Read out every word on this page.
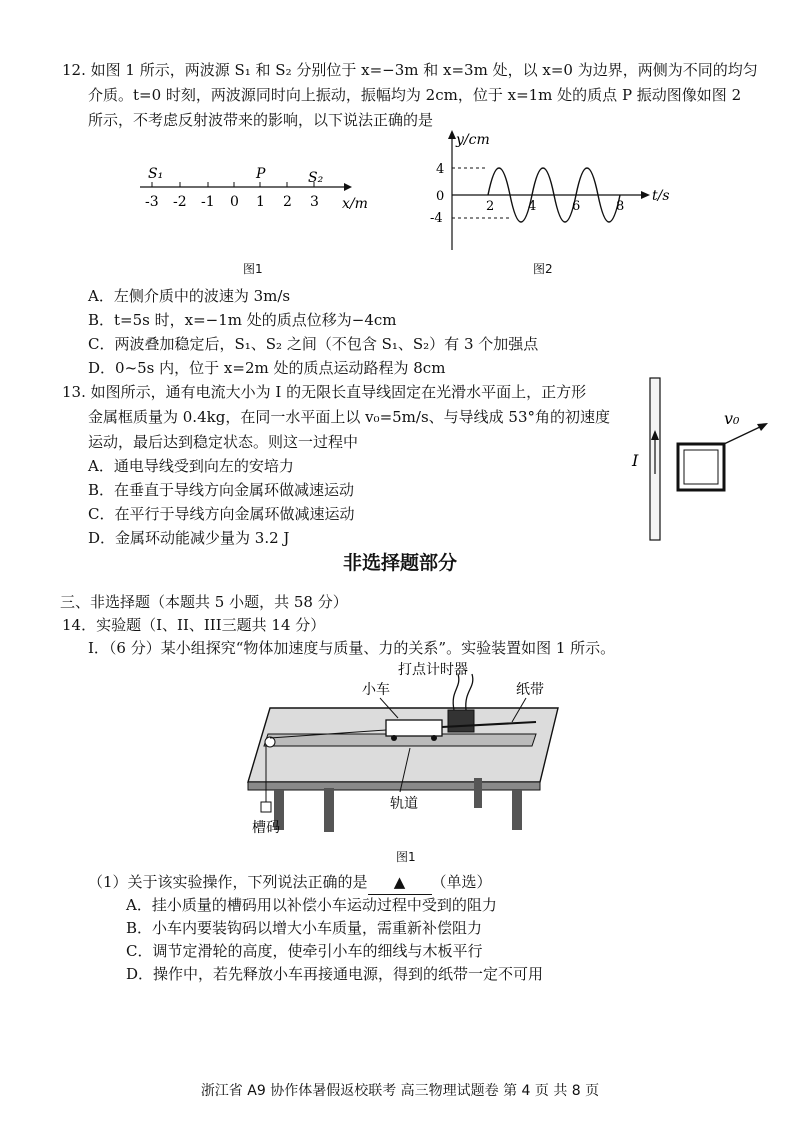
12. 如图 1 所示，两波源 S₁ 和 S₂ 分别位于 x=−3m 和 x=3m 处，以 x=0 为边界，两侧为不同的均匀
介质。t=0 时刻，两波源同时向上振动，振幅均为 2cm，位于 x=1m 处的质点 P 振动图像如图 2
所示，不考虑反射波带来的影响，以下说法正确的是
-3 -2 -1 0 1 2 3
S₁	P	S₂
x/m
图1
y/cm
t/s
4
0
-4
2	4	6	8
图2
A．左侧介质中的波速为 3m/s
B．t=5s 时，x=−1m 处的质点位移为−4cm
C．两波叠加稳定后，S₁、S₂ 之间（不包含 S₁、S₂）有 3 个加强点
D．0~5s 内，位于 x=2m 处的质点运动路程为 8cm
13. 如图所示，通有电流大小为 I 的无限长直导线固定在光滑水平面上，正方形
金属框质量为 0.4kg，在同一水平面上以 v₀=5m/s、与导线成 53°角的初速度
运动，最后达到稳定状态。则这一过程中
A．通电导线受到向左的安培力
B．在垂直于导线方向金属环做减速运动
C．在平行于导线方向金属环做减速运动
D．金属环动能减少量为 3.2 J
I
v₀
非选择题部分
三、非选择题（本题共 5 小题，共 58 分）
14．实验题（I、II、III三题共 14 分）
I．（6 分）某小组探究“物体加速度与质量、力的关系”。实验装置如图 1 所示。
打点计时器
小车	纸带
轨道
槽码
图1
（1）关于该实验操作，下列说法正确的是 ▲ （单选）
A．挂小质量的槽码用以补偿小车运动过程中受到的阻力
B．小车内要装钩码以增大小车质量，需重新补偿阻力
C．调节定滑轮的高度，使牵引小车的细线与木板平行
D．操作中，若先释放小车再接通电源，得到的纸带一定不可用
浙江省 A9 协作体暑假返校联考 高三物理试题卷 第 4 页 共 8 页
